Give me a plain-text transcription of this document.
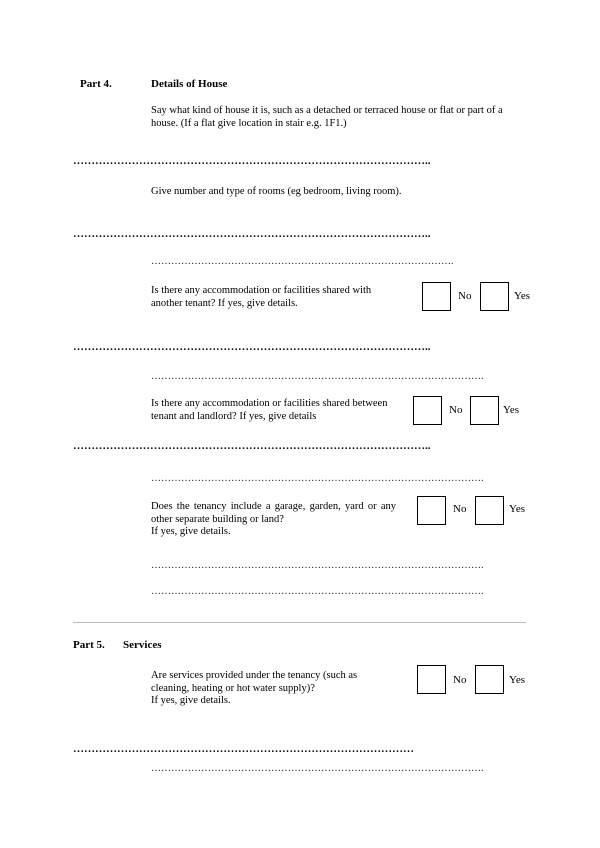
Part 4.	Details of House
Say what kind of house it is, such as a detached or terraced house or flat or part of a house. (If a flat give location in stair e.g. 1F1.)
……………………………………………………………………………………..
Give number and type of rooms (eg bedroom, living room).
……………………………………………………………………………………..
……………………………………………………………………………….
Is there any accommodation or facilities shared with another tenant? If yes, give details.
No	Yes
……………………………………………………………………………………..
……………………………………………………………………………………….
Is there any accommodation or facilities shared between tenant and landlord? If yes, give details	No	Yes
……………………………………………………………………………………..
……………………………………………………………………………………….
Does the tenancy include a garage, garden, yard or any other separate building or land?
If yes, give details.
No	Yes
……………………………………………………………………………………….
……………………………………………………………………………………….
Part 5. Services
Are services provided under the tenancy (such as cleaning, heating or hot water supply)?
If yes, give details.
No	Yes
…………………………………………………………………………………
……………………………………………………………………………………….
